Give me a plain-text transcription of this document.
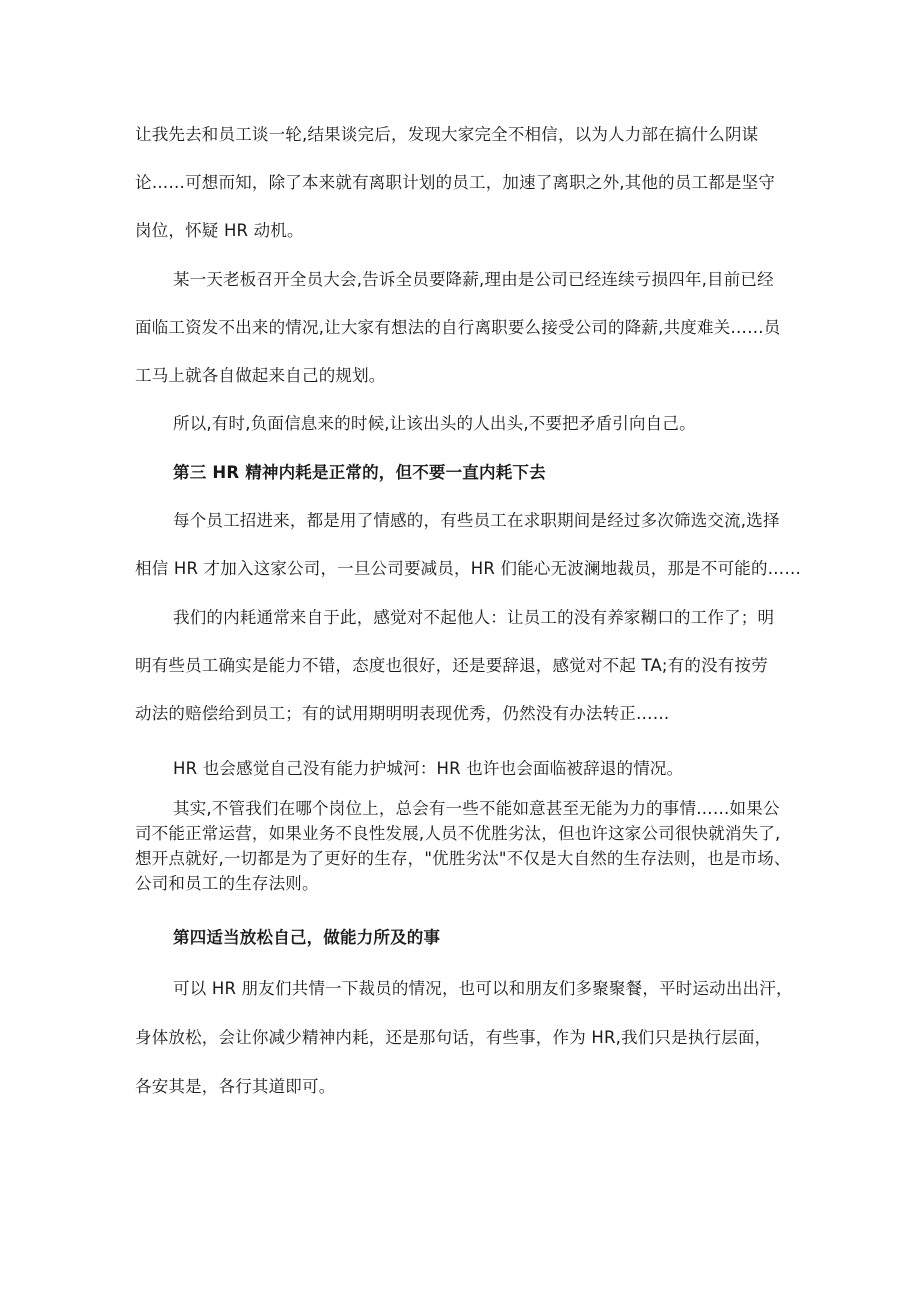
让我先去和员工谈一轮,结果谈完后，发现大家完全不相信，以为人力部在搞什么阴谋

论……可想而知，除了本来就有离职计划的员工，加速了离职之外,其他的员工都是坚守

岗位，怀疑 HR 动机。

某一天老板召开全员大会,告诉全员要降薪,理由是公司已经连续亏损四年,目前已经

面临工资发不出来的情况,让大家有想法的自行离职要么接受公司的降薪,共度难关……员

工马上就各自做起来自己的规划。

所以,有时,负面信息来的时候,让该出头的人出头,不要把矛盾引向自己。

第三 HR 精神内耗是正常的，但不要一直内耗下去

每个员工招进来，都是用了情感的，有些员工在求职期间是经过多次筛选交流,选择

相信 HR 才加入这家公司，一旦公司要减员，HR 们能心无波澜地裁员，那是不可能的……

我们的内耗通常来自于此，感觉对不起他人：让员工的没有养家糊口的工作了；明

明有些员工确实是能力不错，态度也很好，还是要辞退，感觉对不起 TA;有的没有按劳

动法的赔偿给到员工；有的试用期明明表现优秀，仍然没有办法转正……

HR 也会感觉自己没有能力护城河：HR 也许也会面临被辞退的情况。

其实,不管我们在哪个岗位上，总会有一些不能如意甚至无能为力的事情……如果公

司不能正常运营，如果业务不良性发展,人员不优胜劣汰，但也许这家公司很快就消失了,

想开点就好,一切都是为了更好的生存，"优胜劣汰"不仅是大自然的生存法则，也是市场、

公司和员工的生存法则。

第四适当放松自己，做能力所及的事

可以 HR 朋友们共情一下裁员的情况，也可以和朋友们多聚聚餐，平时运动出出汗，

身体放松，会让你减少精神内耗，还是那句话，有些事，作为 HR,我们只是执行层面，

各安其是，各行其道即可。
